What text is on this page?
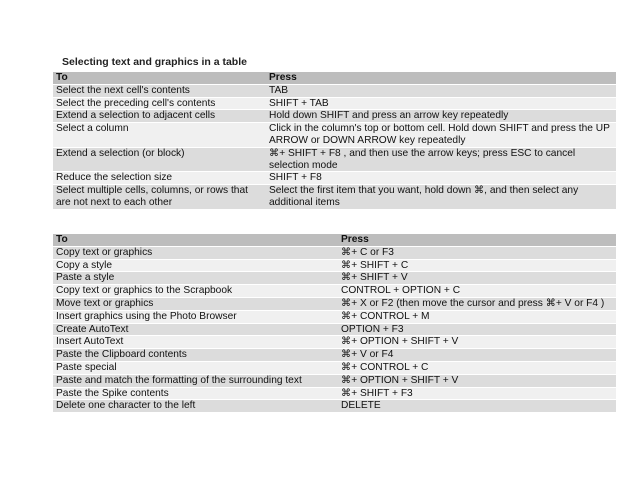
Selecting text and graphics in a table
To	Press
Select the next cell's contents	TAB
Select the preceding cell's contents	SHIFT + TAB
Extend a selection to adjacent cells	Hold down SHIFT and press an arrow key repeatedly
Select a column	Click in the column's top or bottom cell. Hold down SHIFT and press the UP ARROW or DOWN ARROW key repeatedly
Extend a selection (or block)	⌘+ SHIFT + F8 , and then use the arrow keys; press ESC to cancel selection mode
Reduce the selection size	SHIFT + F8
Select multiple cells, columns, or rows that are not next to each other	Select the first item that you want, hold down ⌘, and then select any additional items
To	Press
Copy text or graphics	⌘+ C or F3
Copy a style	⌘+ SHIFT + C
Paste a style	⌘+ SHIFT + V
Copy text or graphics to the Scrapbook	CONTROL + OPTION + C
Move text or graphics	⌘+ X or F2 (then move the cursor and press ⌘+ V or F4 )
Insert graphics using the Photo Browser	⌘+ CONTROL + M
Create AutoText	OPTION + F3
Insert AutoText	⌘+ OPTION + SHIFT + V
Paste the Clipboard contents	⌘+ V or F4
Paste special	⌘+ CONTROL + C
Paste and match the formatting of the surrounding text	⌘+ OPTION + SHIFT + V
Paste the Spike contents	⌘+ SHIFT + F3
Delete one character to the left	DELETE
